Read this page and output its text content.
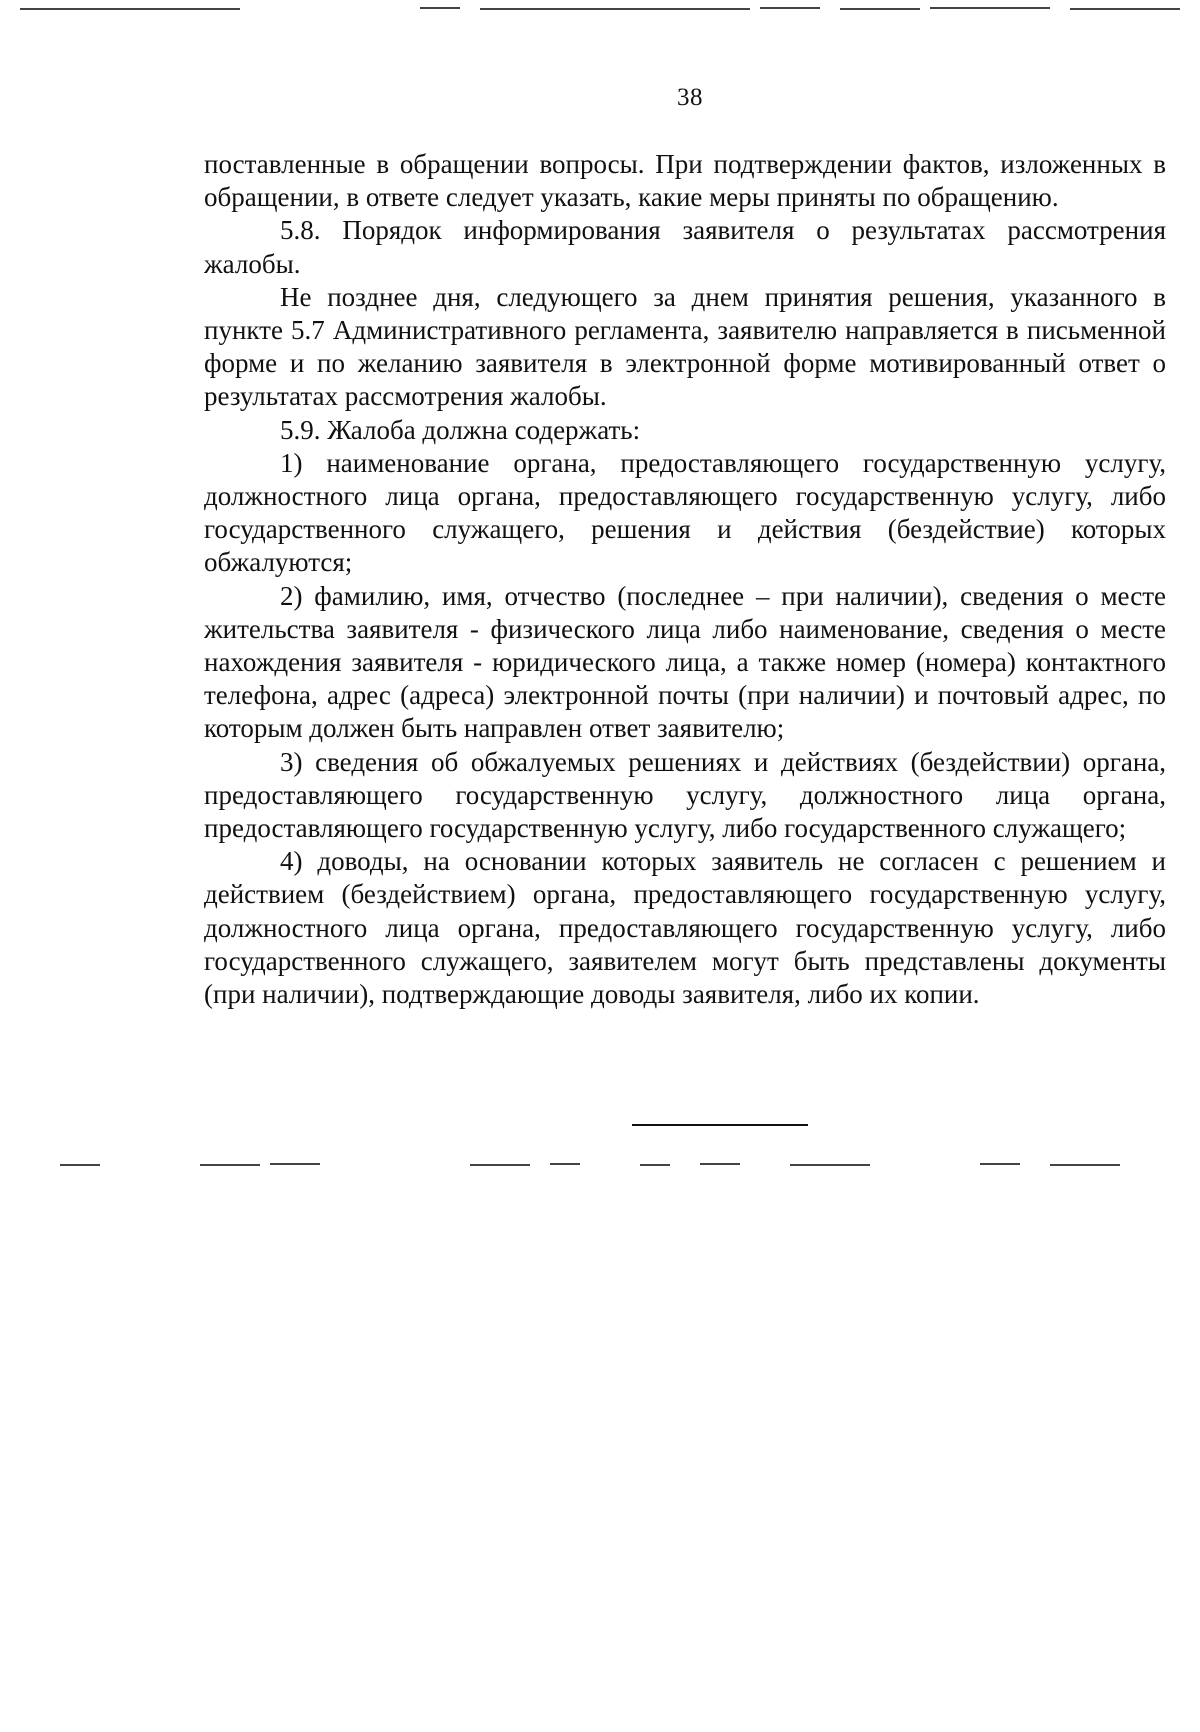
38

поставленные в обращении вопросы. При подтверждении фактов, изложенных в обращении, в ответе следует указать, какие меры приняты по обращению.

5.8. Порядок информирования заявителя о результатах рассмотрения жалобы.

Не позднее дня, следующего за днем принятия решения, указанного в пункте 5.7 Административного регламента, заявителю направляется в письменной форме и по желанию заявителя в электронной форме мотивированный ответ о результатах рассмотрения жалобы.

5.9. Жалоба должна содержать:

1) наименование органа, предоставляющего государственную услугу, должностного лица органа, предоставляющего государственную услугу, либо государственного служащего, решения и действия (бездействие) которых обжалуются;

2) фамилию, имя, отчество (последнее – при наличии), сведения о месте жительства заявителя - физического лица либо наименование, сведения о месте нахождения заявителя - юридического лица, а также номер (номера) контактного телефона, адрес (адреса) электронной почты (при наличии) и почтовый адрес, по которым должен быть направлен ответ заявителю;

3) сведения об обжалуемых решениях и действиях (бездействии) органа, предоставляющего государственную услугу, должностного лица органа, предоставляющего государственную услугу, либо государственного служащего;

4) доводы, на основании которых заявитель не согласен с решением и действием (бездействием) органа, предоставляющего государственную услугу, должностного лица органа, предоставляющего государственную услугу, либо государственного служащего, заявителем могут быть представлены документы (при наличии), подтверждающие доводы заявителя, либо их копии.
